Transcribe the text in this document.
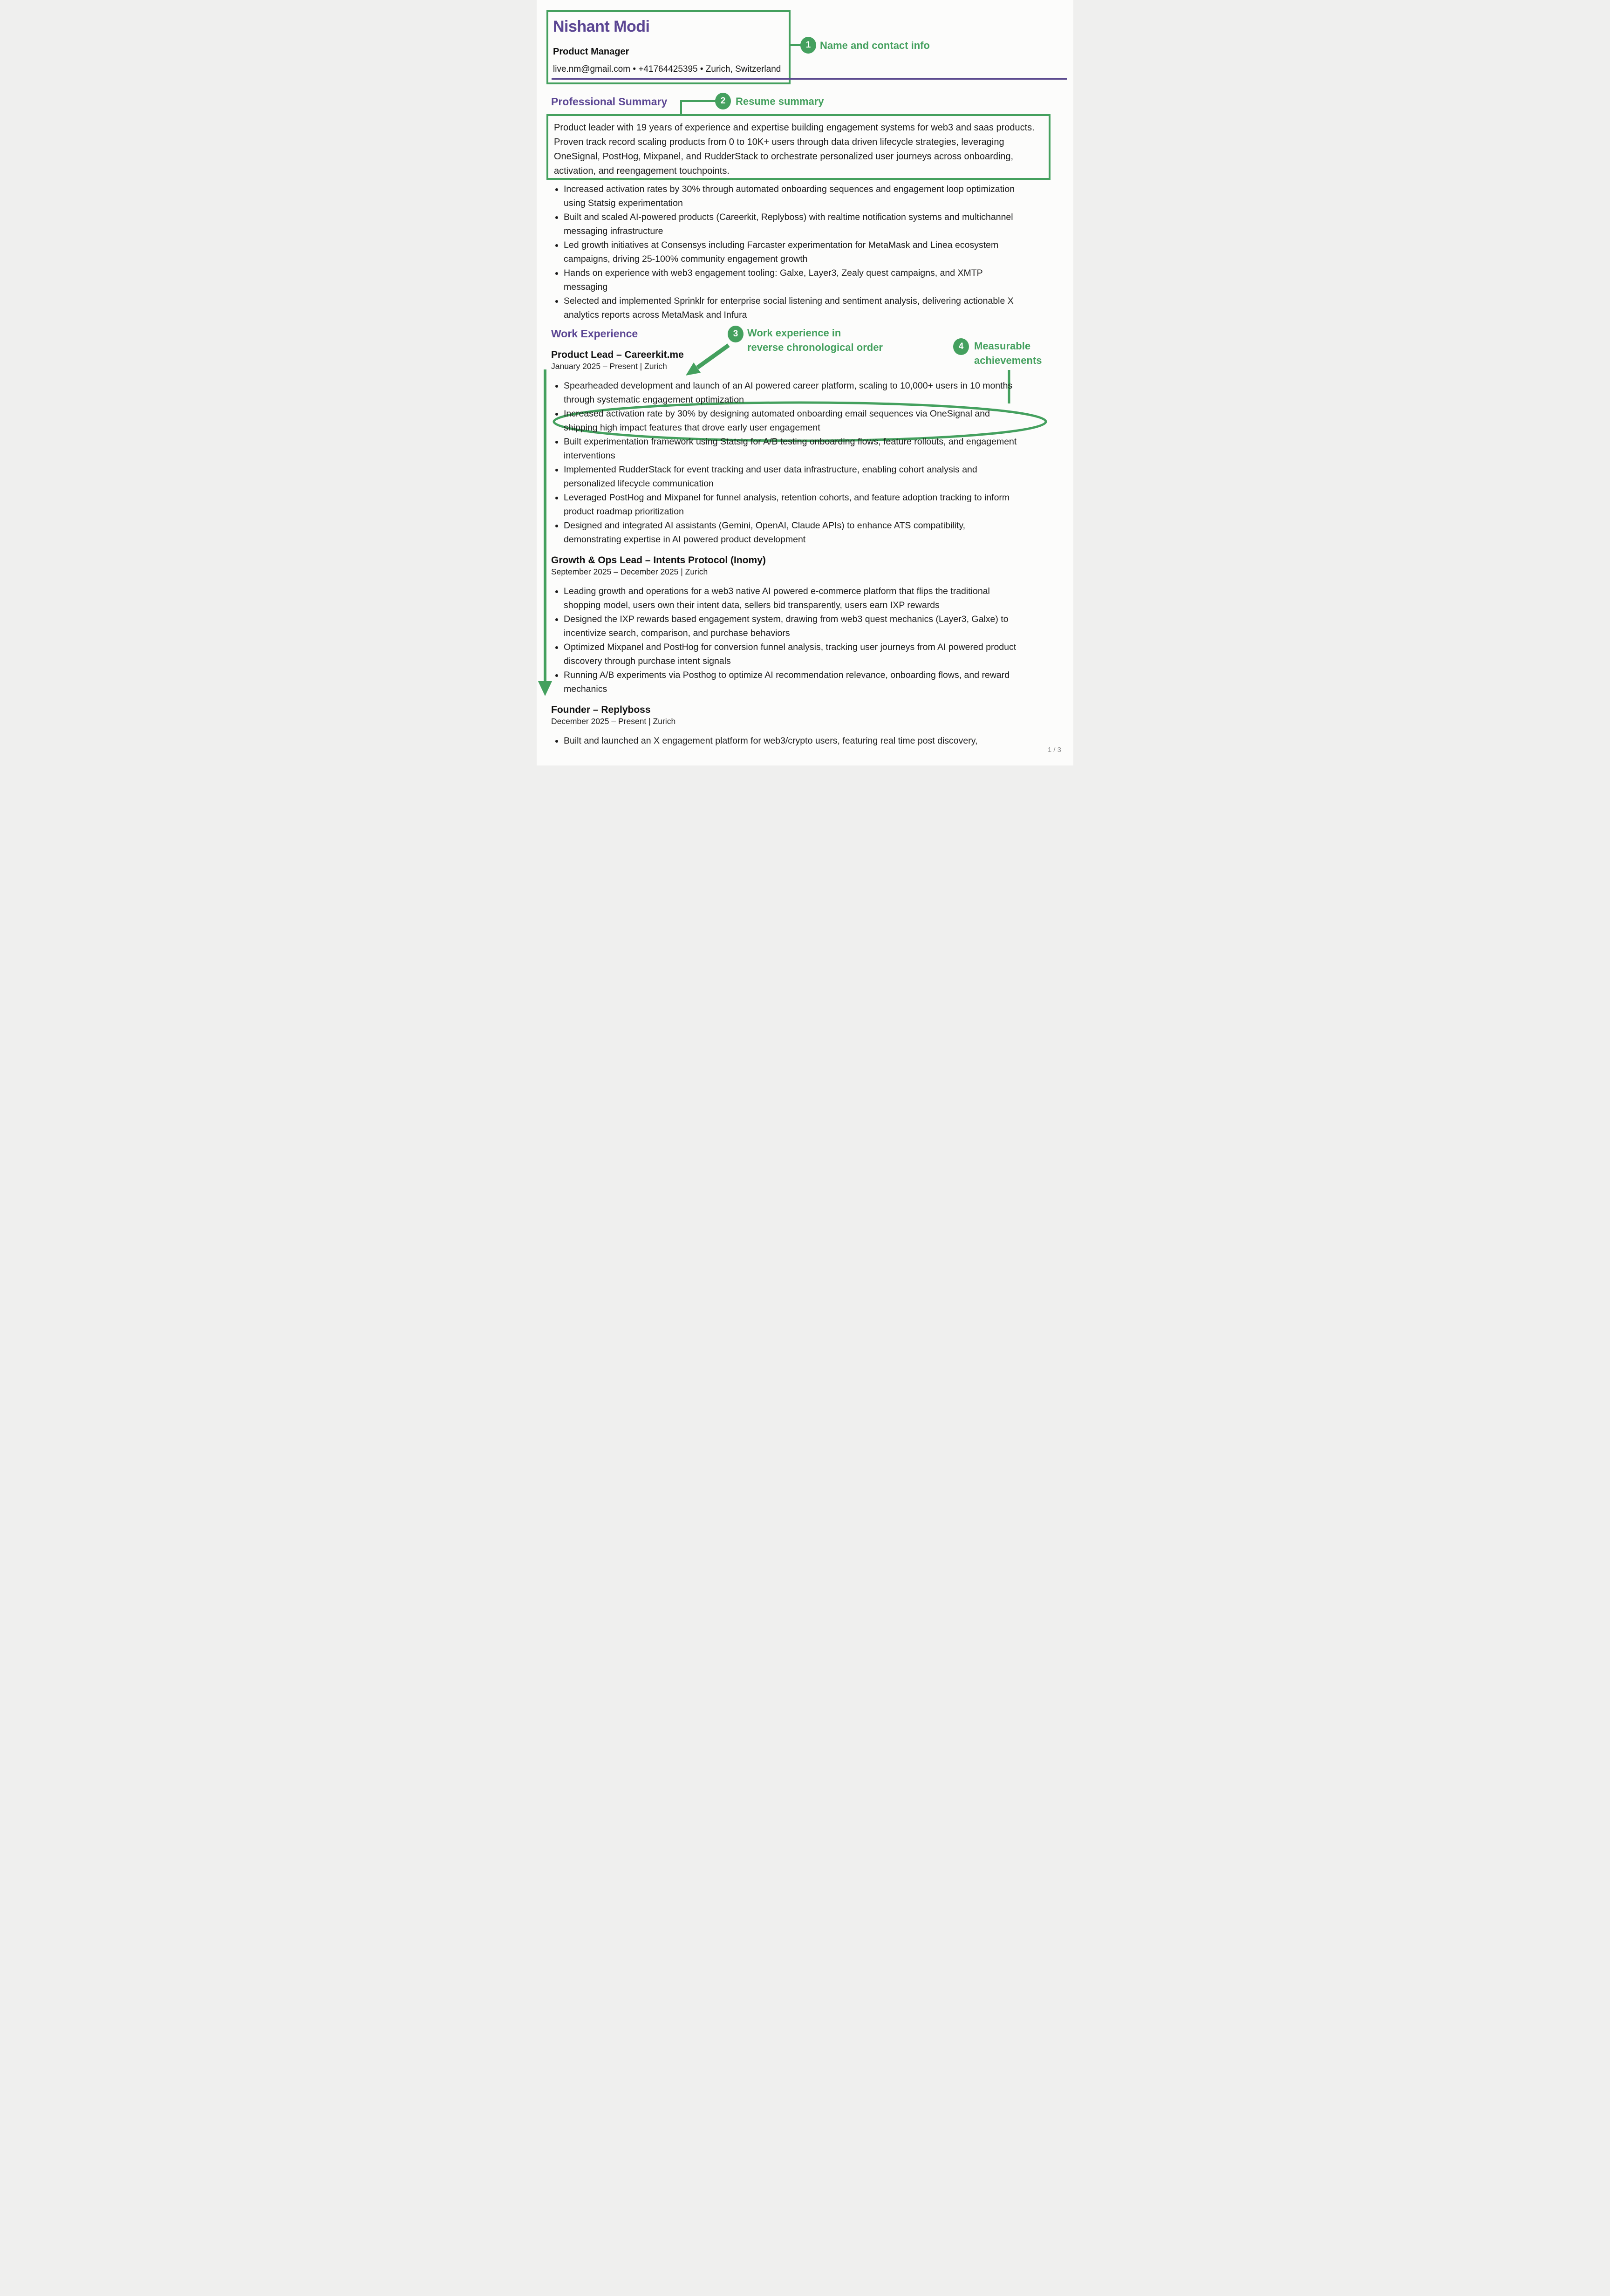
Nishant Modi
Product Manager
live.nm@gmail.com • +41764425395 • Zurich, Switzerland
1 Name and contact info
Professional Summary	2 Resume summary

Product leader with 19 years of experience and expertise building engagement systems for web3 and saas products. Proven track record scaling products from 0 to 10K+ users through data driven lifecycle strategies, leveraging OneSignal, PostHog, Mixpanel, and RudderStack to orchestrate personalized user journeys across onboarding, activation, and reengagement touchpoints.

• Increased activation rates by 30% through automated onboarding sequences and engagement loop optimization using Statsig experimentation
• Built and scaled AI-powered products (Careerkit, Replyboss) with realtime notification systems and multichannel messaging infrastructure
• Led growth initiatives at Consensys including Farcaster experimentation for MetaMask and Linea ecosystem campaigns, driving 25-100% community engagement growth
• Hands on experience with web3 engagement tooling: Galxe, Layer3, Zealy quest campaigns, and XMTP messaging
• Selected and implemented Sprinklr for enterprise social listening and sentiment analysis, delivering actionable X analytics reports across MetaMask and Infura
Work Experience	3 Work experience in
reverse chronological order	4 Measurable
achievements
Product Lead – Careerkit.me

January 2025 – Present | Zurich

• Spearheaded development and launch of an AI powered career platform, scaling to 10,000+ users in 10 months through systematic engagement optimization
• Increased activation rate by 30% by designing automated onboarding email sequences via OneSignal and shipping high impact features that drove early user engagement
• Built experimentation framework using Statsig for A/B testing onboarding flows, feature rollouts, and engagement interventions
• Implemented RudderStack for event tracking and user data infrastructure, enabling cohort analysis and personalized lifecycle communication
• Leveraged PostHog and Mixpanel for funnel analysis, retention cohorts, and feature adoption tracking to inform product roadmap prioritization
• Designed and integrated AI assistants (Gemini, OpenAI, Claude APIs) to enhance ATS compatibility, demonstrating expertise in AI powered product development
Growth & Ops Lead – Intents Protocol (Inomy)

September 2025 – December 2025 | Zurich

• Leading growth and operations for a web3 native AI powered e-commerce platform that flips the traditional shopping model, users own their intent data, sellers bid transparently, users earn IXP rewards
• Designed the IXP rewards based engagement system, drawing from web3 quest mechanics (Layer3, Galxe) to incentivize search, comparison, and purchase behaviors
• Optimized Mixpanel and PostHog for conversion funnel analysis, tracking user journeys from AI powered product discovery through purchase intent signals
• Running A/B experiments via Posthog to optimize AI recommendation relevance, onboarding flows, and reward mechanics
Founder – Replyboss

December 2025 – Present | Zurich

• Built and launched an X engagement platform for web3/crypto users, featuring real time post discovery,
1 / 3
